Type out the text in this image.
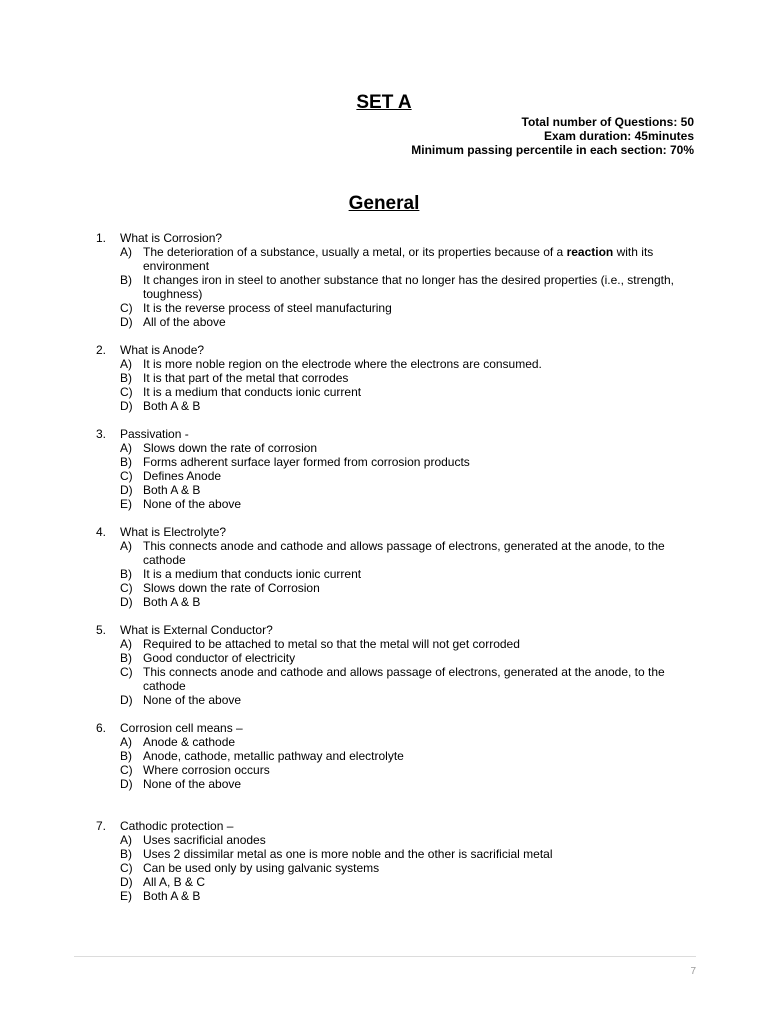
SET A
Total number of Questions: 50
Exam duration: 45minutes
Minimum passing percentile in each section: 70%
General
1.	What is Corrosion?
A) The deterioration of a substance, usually a metal, or its properties because of a reaction with its environment
B) It changes iron in steel to another substance that no longer has the desired properties (i.e., strength, toughness)
C) It is the reverse process of steel manufacturing
D) All of the above
2.	What is Anode?
A) It is more noble region on the electrode where the electrons are consumed.
B) It is that part of the metal that corrodes
C) It is a medium that conducts ionic current
D) Both A & B
3.	Passivation -
A) Slows down the rate of corrosion
B) Forms adherent surface layer formed from corrosion products
C) Defines Anode
D) Both A & B
E) None of the above
4.	What is Electrolyte?
A) This connects anode and cathode and allows passage of electrons, generated at the anode, to the cathode
B) It is a medium that conducts ionic current
C) Slows down the rate of Corrosion
D) Both A & B
5.	What is External Conductor?
A) Required to be attached to metal so that the metal will not get corroded
B) Good conductor of electricity
C) This connects anode and cathode and allows passage of electrons, generated at the anode, to the cathode
D) None of the above
6.	Corrosion cell means –
A) Anode & cathode
B) Anode, cathode, metallic pathway and electrolyte
C) Where corrosion occurs
D) None of the above
7.	Cathodic protection –
A) Uses sacrificial anodes
B) Uses 2 dissimilar metal as one is more noble and the other is sacrificial metal
C) Can be used only by using galvanic systems
D) All A, B & C
E) Both A & B
7
